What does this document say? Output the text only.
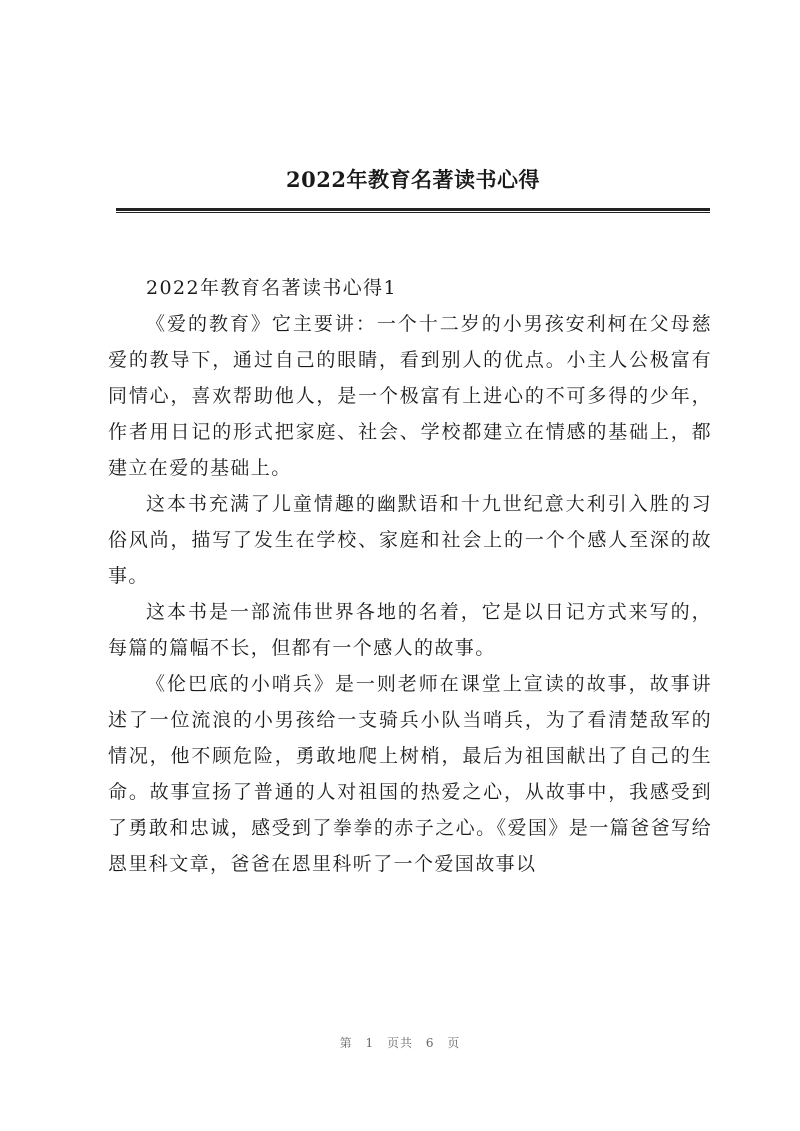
2022年教育名著读书心得
2022年教育名著读书心得1

《爱的教育》它主要讲：一个十二岁的小男孩安利柯在父母慈爱的教导下，通过自己的眼睛，看到别人的优点。小主人公极富有同情心，喜欢帮助他人，是一个极富有上进心的不可多得的少年，作者用日记的形式把家庭、社会、学校都建立在情感的基础上，都建立在爱的基础上。

这本书充满了儿童情趣的幽默语和十九世纪意大利引入胜的习俗风尚，描写了发生在学校、家庭和社会上的一个个感人至深的故事。

这本书是一部流伟世界各地的名着，它是以日记方式来写的，每篇的篇幅不长，但都有一个感人的故事。

《伦巴底的小哨兵》是一则老师在课堂上宣读的故事，故事讲述了一位流浪的小男孩给一支骑兵小队当哨兵，为了看清楚敌军的情况，他不顾危险，勇敢地爬上树梢，最后为祖国献出了自己的生命。故事宣扬了普通的人对祖国的热爱之心，从故事中，我感受到了勇敢和忠诚，感受到了拳拳的赤子之心。《爱国》是一篇爸爸写给恩里科文章，爸爸在恩里科听了一个爱国故事以

第 1 页共 6 页
